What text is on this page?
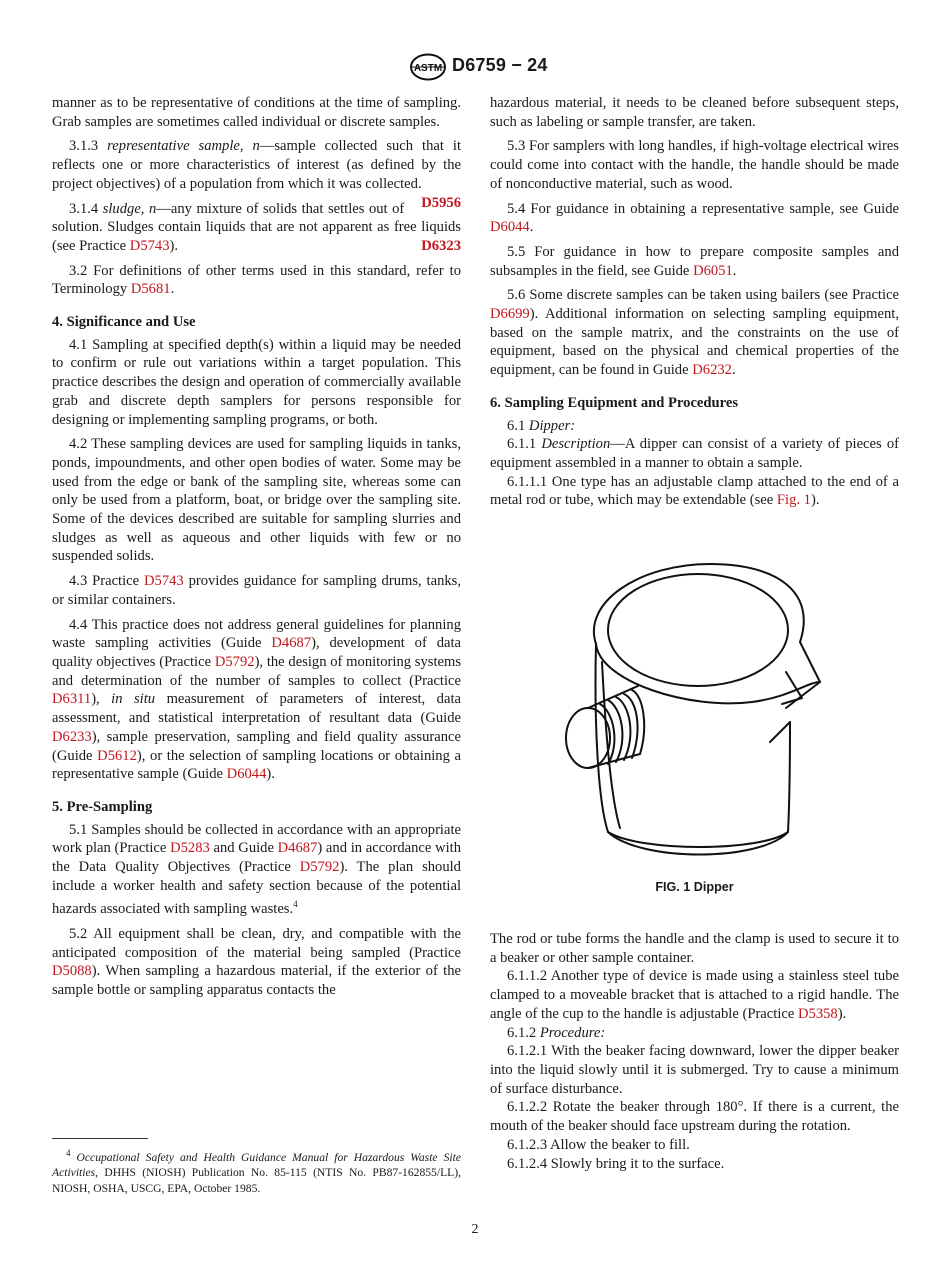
ASTM D6759 − 24

manner as to be representative of conditions at the time of sampling. Grab samples are sometimes called individual or discrete samples.

3.1.3 representative sample, n—sample collected such that it reflects one or more characteristics of interest (as defined by the project objectives) of a population from which it was collected.
D5956

3.1.4 sludge, n—any mixture of solids that settles out of solution. Sludges contain liquids that are not apparent as free liquids (see Practice D5743).	D6323

3.2 For definitions of other terms used in this standard, refer to Terminology D5681.

4. Significance and Use

4.1 Sampling at specified depth(s) within a liquid may be needed to confirm or rule out variations within a target population. This practice describes the design and operation of commercially available grab and discrete depth samplers for persons responsible for designing or implementing sampling programs, or both.

4.2 These sampling devices are used for sampling liquids in tanks, ponds, impoundments, and other open bodies of water. Some may be used from the edge or bank of the sampling site, whereas some can only be used from a platform, boat, or bridge over the sampling site. Some of the devices described are suitable for sampling slurries and sludges as well as aqueous and other liquids with few or no suspended solids.

4.3 Practice D5743 provides guidance for sampling drums, tanks, or similar containers.

4.4 This practice does not address general guidelines for planning waste sampling activities (Guide D4687), development of data quality objectives (Practice D5792), the design of monitoring systems and determination of the number of samples to collect (Practice D6311), in situ measurement of parameters of interest, data assessment, and statistical interpretation of resultant data (Guide D6233), sample preservation, sampling and field quality assurance (Guide D5612), or the selection of sampling locations or obtaining a representative sample (Guide D6044).

5. Pre-Sampling

5.1 Samples should be collected in accordance with an appropriate work plan (Practice D5283 and Guide D4687) and in accordance with the Data Quality Objectives (Practice D5792). The plan should include a worker health and safety section because of the potential hazards associated with sampling wastes.$^4$

5.2 All equipment shall be clean, dry, and compatible with the anticipated composition of the material being sampled (Practice D5088). When sampling a hazardous material, if the exterior of the sample bottle or sampling apparatus contacts the

hazardous material, it needs to be cleaned before subsequent steps, such as labeling or sample transfer, are taken.

5.3 For samplers with long handles, if high-voltage electrical wires could come into contact with the handle, the handle should be made of nonconductive material, such as wood.

5.4 For guidance in obtaining a representative sample, see Guide D6044.

5.5 For guidance in how to prepare composite samples and subsamples in the field, see Guide D6051.

5.6 Some discrete samples can be taken using bailers (see Practice D6699). Additional information on selecting sampling equipment, based on the sample matrix, and the constraints on the use of equipment, based on the physical and chemical properties of the equipment, can be found in Guide D6232.

6. Sampling Equipment and Procedures

6.1 Dipper:

6.1.1 Description—A dipper can consist of a variety of pieces of equipment assembled in a manner to obtain a sample.

6.1.1.1 One type has an adjustable clamp attached to the end of a metal rod or tube, which may be extendable (see Fig. 1).

FIG. 1 Dipper

The rod or tube forms the handle and the clamp is used to secure it to a beaker or other sample container.

6.1.1.2 Another type of device is made using a stainless steel tube clamped to a moveable bracket that is attached to a rigid handle. The angle of the cup to the handle is adjustable (Practice D5358).

6.1.2 Procedure:

6.1.2.1 With the beaker facing downward, lower the dipper beaker into the liquid slowly until it is submerged. Try to cause a minimum of surface disturbance.

6.1.2.2 Rotate the beaker through 180°. If there is a current, the mouth of the beaker should face upstream during the rotation.

6.1.2.3 Allow the beaker to fill.

6.1.2.4 Slowly bring it to the surface.

$^4$ Occupational Safety and Health Guidance Manual for Hazardous Waste Site Activities, DHHS (NIOSH) Publication No. 85-115 (NTIS No. PB87-162855/LL), NIOSH, OSHA, USCG, EPA, October 1985.
2
